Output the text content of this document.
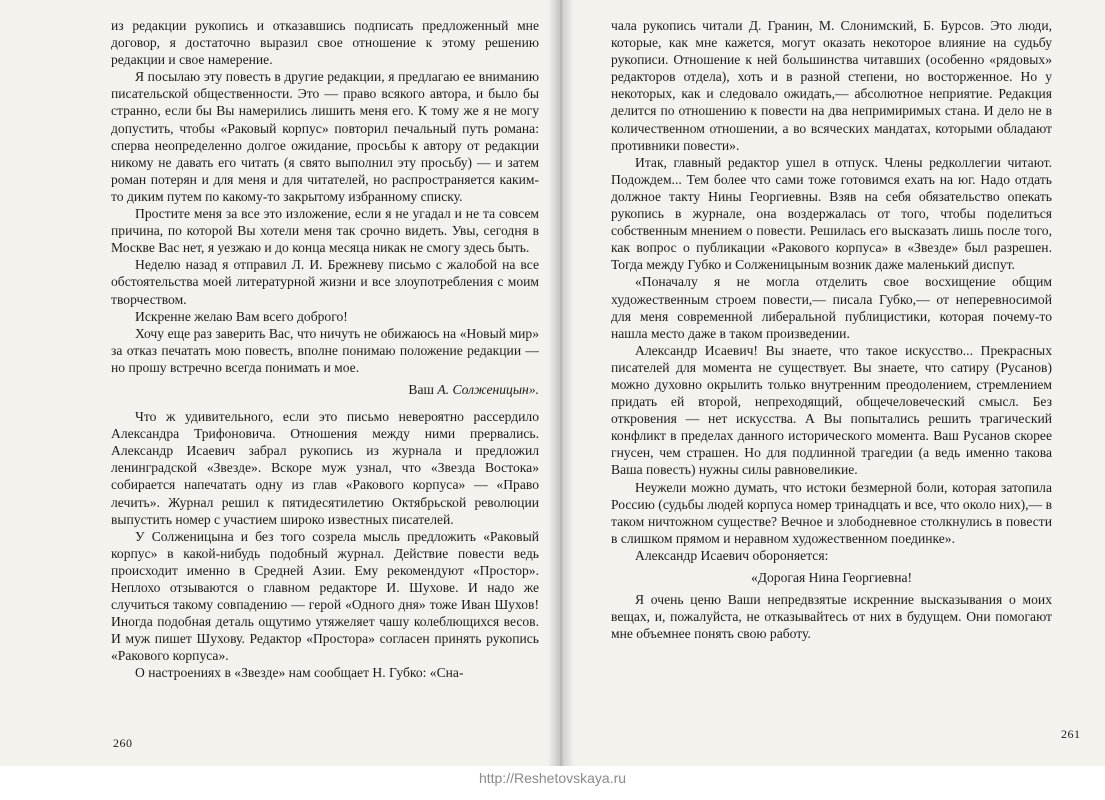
из редакции рукопись и отказавшись подписать предложенный мне договор, я достаточно выразил свое отношение к этому решению редакции и свое намерение.

Я посылаю эту повесть в другие редакции, я предлагаю ее вниманию писательской общественности. Это — право всякого автора, и было бы странно, если бы Вы намерились лишить меня его. К тому же я не могу допустить, чтобы «Раковый корпус» повторил печальный путь романа: сперва неопределенно долгое ожидание, просьбы к автору от редакции никому не давать его читать (я свято выполнил эту просьбу) — и затем роман потерян и для меня и для читателей, но распространяется каким-то диким путем по какому-то закрытому избранному списку.

Простите меня за все это изложение, если я не угадал и не та совсем причина, по которой Вы хотели меня так срочно видеть. Увы, сегодня в Москве Вас нет, я уезжаю и до конца месяца никак не смогу здесь быть.

Неделю назад я отправил Л. И. Брежневу письмо с жалобой на все обстоятельства моей литературной жизни и все злоупотребления с моим творчеством.

Искренне желаю Вам всего доброго!

Хочу еще раз заверить Вас, что ничуть не обижаюсь на «Новый мир» за отказ печатать мою повесть, вполне понимаю положение редакции — но прошу встречно всегда понимать и мое.

Ваш А. Солженицын».

Что ж удивительного, если это письмо невероятно рассердило Александра Трифоновича. Отношения между ними прервались. Александр Исаевич забрал рукопись из журнала и предложил ленинградской «Звезде». Вскоре муж узнал, что «Звезда Востока» собирается напечатать одну из глав «Ракового корпуса» — «Право лечить». Журнал решил к пятидесятилетию Октябрьской революции выпустить номер с участием широко известных писателей.

У Солженицына и без того созрела мысль предложить «Раковый корпус» в какой-нибудь подобный журнал. Действие повести ведь происходит именно в Средней Азии. Ему рекомендуют «Простор». Неплохо отзываются о главном редакторе И. Шухове. И надо же случиться такому совпадению — герой «Одного дня» тоже Иван Шухов! Иногда подобная деталь ощутимо утяжеляет чашу колеблющихся весов. И муж пишет Шухову. Редактор «Простора» согласен принять рукопись «Ракового корпуса».

О настроениях в «Звезде» нам сообщает Н. Губко: «Сна-

260

чала рукопись читали Д. Гранин, М. Слонимский, Б. Бурсов. Это люди, которые, как мне кажется, могут оказать некоторое влияние на судьбу рукописи. Отношение к ней большинства читавших (особенно «рядовых» редакторов отдела), хоть и в разной степени, но восторженное. Но у некоторых, как и следовало ожидать,— абсолютное неприятие. Редакция делится по отношению к повести на два непримиримых стана. И дело не в количественном отношении, а во всяческих мандатах, которыми обладают противники повести».

Итак, главный редактор ушел в отпуск. Члены редколлегии читают. Подождем... Тем более что сами тоже готовимся ехать на юг. Надо отдать должное такту Нины Георгиевны. Взяв на себя обязательство опекать рукопись в журнале, она воздержалась от того, чтобы поделиться собственным мнением о повести. Решилась его высказать лишь после того, как вопрос о публикации «Ракового корпуса» в «Звезде» был разрешен. Тогда между Губко и Солженицыным возник даже маленький диспут.

«Поначалу я не могла отделить свое восхищение общим художественным строем повести,— писала Губко,— от неперевносимой для меня современной либеральной публицистики, которая почему-то нашла место даже в таком произведении.

Александр Исаевич! Вы знаете, что такое искусство... Прекрасных писателей для момента не существует. Вы знаете, что сатиру (Русанов) можно духовно окрылить только внутренним преодолением, стремлением придать ей второй, непреходящий, общечеловеческий смысл. Без откровения — нет искусства. А Вы попытались решить трагический конфликт в пределах данного исторического момента. Ваш Русанов скорее гнусен, чем страшен. Но для подлинной трагедии (а ведь именно такова Ваша повесть) нужны силы равновеликие.

Неужели можно думать, что истоки безмерной боли, которая затопила Россию (судьбы людей корпуса номер тринадцать и все, что около них),— в таком ничтожном существе? Вечное и злободневное столкнулись в повести в слишком прямом и неравном художественном поединке».

Александр Исаевич обороняется:

«Дорогая Нина Георгиевна!

Я очень ценю Ваши непредвзятые искренние высказывания о моих вещах, и, пожалуйста, не отказывайтесь от них в будущем. Они помогают мне объемнее понять свою работу.

261
http://Reshetovskaya.ru
